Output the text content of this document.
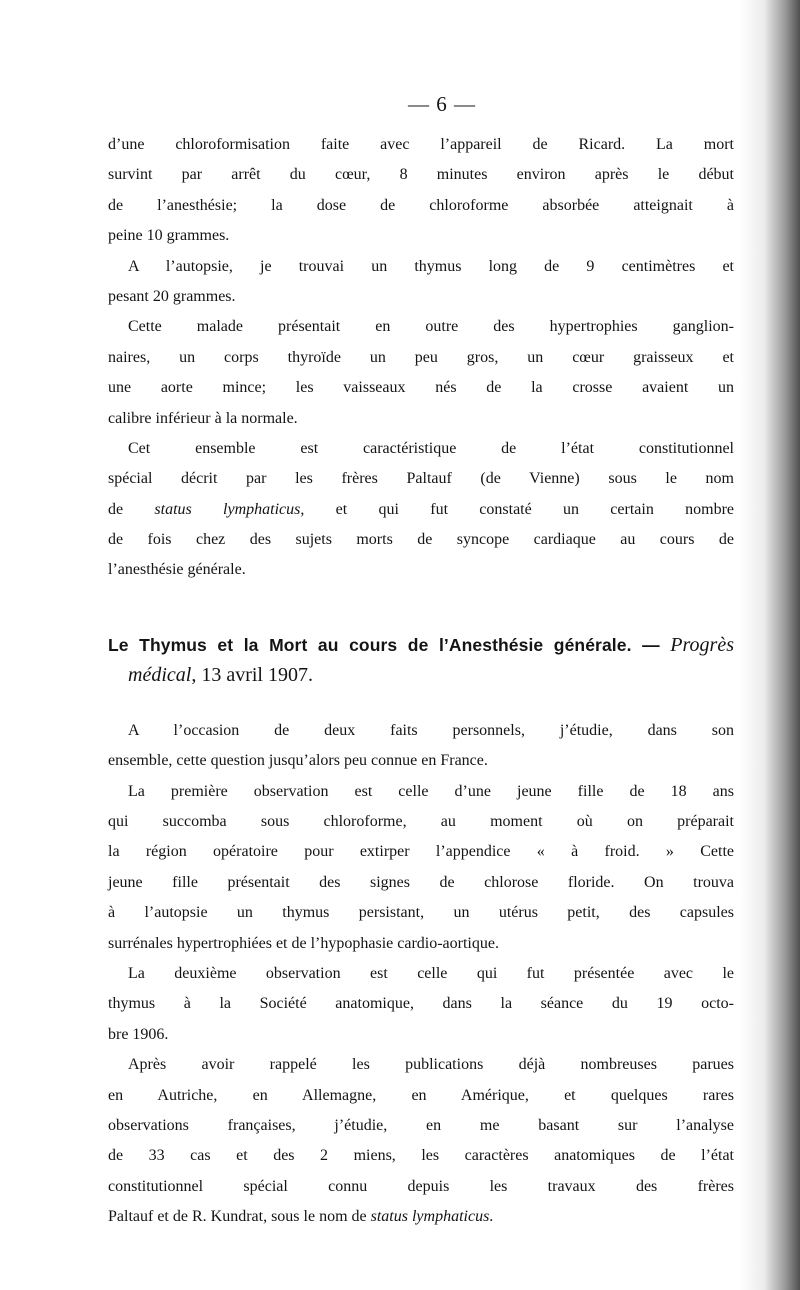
— 6 —
d’une chloroformisation faite avec l’appareil de Ricard. La mort
survint par arrêt du cœur, 8 minutes environ après le début
de l’anesthésie; la dose de chloroforme absorbée atteignait à
peine 10 grammes.
A l’autopsie, je trouvai un thymus long de 9 centimètres et
pesant 20 grammes.
Cette malade présentait en outre des hypertrophies ganglion-
naires, un corps thyroïde un peu gros, un cœur graisseux et
une aorte mince; les vaisseaux nés de la crosse avaient un
calibre inférieur à la normale.
Cet ensemble est caractéristique de l’état constitutionnel
spécial décrit par les frères Paltauf (de Vienne) sous le nom
de status lymphaticus, et qui fut constaté un certain nombre
de fois chez des sujets morts de syncope cardiaque au cours de
l’anesthésie générale.
Le Thymus et la Mort au cours de l’Anesthésie générale. — Progrès
médical, 13 avril 1907.
A l’occasion de deux faits personnels, j’étudie, dans son
ensemble, cette question jusqu’alors peu connue en France.
La première observation est celle d’une jeune fille de 18 ans
qui succomba sous chloroforme, au moment où on préparait
la région opératoire pour extirper l’appendice « à froid. » Cette
jeune fille présentait des signes de chlorose floride. On trouva
à l’autopsie un thymus persistant, un utérus petit, des capsules
surrénales hypertrophiées et de l’hypophasie cardio-aortique.
La deuxième observation est celle qui fut présentée avec le
thymus à la Société anatomique, dans la séance du 19 octo-
bre 1906.
Après avoir rappelé les publications déjà nombreuses parues
en Autriche, en Allemagne, en Amérique, et quelques rares
observations françaises, j’étudie, en me basant sur l’analyse
de 33 cas et des 2 miens, les caractères anatomiques de l’état
constitutionnel spécial connu depuis les travaux des frères
Paltauf et de R. Kundrat, sous le nom de status lymphaticus.
